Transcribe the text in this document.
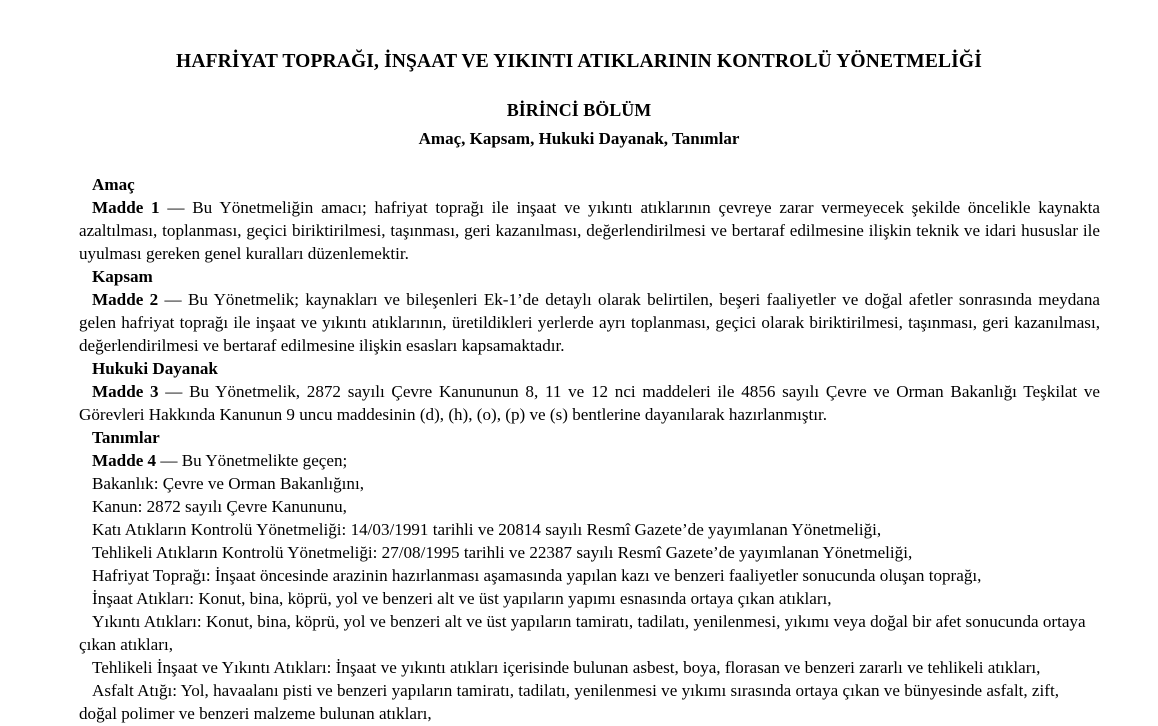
HAFRİYAT TOPRAĞI, İNŞAAT VE YIKINTI ATIKLARININ KONTROLÜ YÖNETMELİĞİ
BİRİNCİ BÖLÜM
Amaç, Kapsam, Hukuki Dayanak, Tanımlar

Amaç

Madde 1 — Bu Yönetmeliğin amacı; hafriyat toprağı ile inşaat ve yıkıntı atıklarının çevreye zarar vermeyecek şekilde öncelikle kaynakta azaltılması, toplanması, geçici biriktirilmesi, taşınması, geri kazanılması, değerlendirilmesi ve bertaraf edilmesine ilişkin teknik ve idari hususlar ile uyulması gereken genel kuralları düzenlemektir.

Kapsam

Madde 2 — Bu Yönetmelik; kaynakları ve bileşenleri Ek-1’de detaylı olarak belirtilen, beşeri faaliyetler ve doğal afetler sonrasında meydana gelen hafriyat toprağı ile inşaat ve yıkıntı atıklarının, üretildikleri yerlerde ayrı toplanması, geçici olarak biriktirilmesi, taşınması, geri kazanılması, değerlendirilmesi ve bertaraf edilmesine ilişkin esasları kapsamaktadır.

Hukuki Dayanak

Madde 3 — Bu Yönetmelik, 2872 sayılı Çevre Kanununun 8, 11 ve 12 nci maddeleri ile 4856 sayılı Çevre ve Orman Bakanlığı Teşkilat ve Görevleri Hakkında Kanunun 9 uncu maddesinin (d), (h), (o), (p) ve (s) bentlerine dayanılarak hazırlanmıştır.

Tanımlar

Madde 4 — Bu Yönetmelikte geçen;

Bakanlık: Çevre ve Orman Bakanlığını,

Kanun: 2872 sayılı Çevre Kanununu,

Katı Atıkların Kontrolü Yönetmeliği: 14/03/1991 tarihli ve 20814 sayılı Resmî Gazete’de yayımlanan Yönetmeliği,

Tehlikeli Atıkların Kontrolü Yönetmeliği: 27/08/1995 tarihli ve 22387 sayılı Resmî Gazete’de yayımlanan Yönetmeliği,

Hafriyat Toprağı: İnşaat öncesinde arazinin hazırlanması aşamasında yapılan kazı ve benzeri faaliyetler sonucunda oluşan toprağı,

İnşaat Atıkları: Konut, bina, köprü, yol ve benzeri alt ve üst yapıların yapımı esnasında ortaya çıkan atıkları,

Yıkıntı Atıkları: Konut, bina, köprü, yol ve benzeri alt ve üst yapıların tamiratı, tadilatı, yenilenmesi, yıkımı veya doğal bir afet sonucunda ortaya çıkan atıkları,

Tehlikeli İnşaat ve Yıkıntı Atıkları: İnşaat ve yıkıntı atıkları içerisinde bulunan asbest, boya, florasan ve benzeri zararlı ve tehlikeli atıkları,

Asfalt Atığı: Yol, havaalanı pisti ve benzeri yapıların tamiratı, tadilatı, yenilenmesi ve yıkımı sırasında ortaya çıkan ve bünyesinde asfalt, zift, doğal polimer ve benzeri malzeme bulunan atıkları,
